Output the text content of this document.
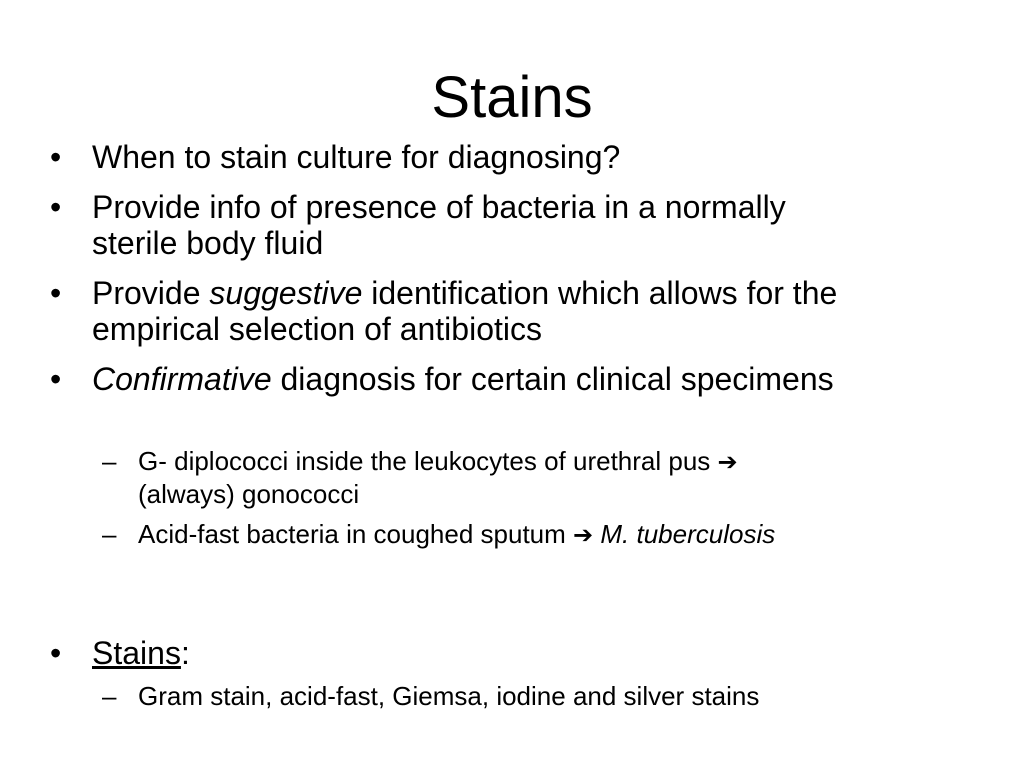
Stains
• When to stain culture for diagnosing?
• Provide info of presence of bacteria in a normally sterile body fluid
• Provide suggestive identification which allows for the empirical selection of antibiotics
• Confirmative diagnosis for certain clinical specimens
– G- diplococci inside the leukocytes of urethral pus ➔
(always) gonococci
– Acid-fast bacteria in coughed sputum ➔ M. tuberculosis
• Stains:
– Gram stain, acid-fast, Giemsa, iodine and silver stains
